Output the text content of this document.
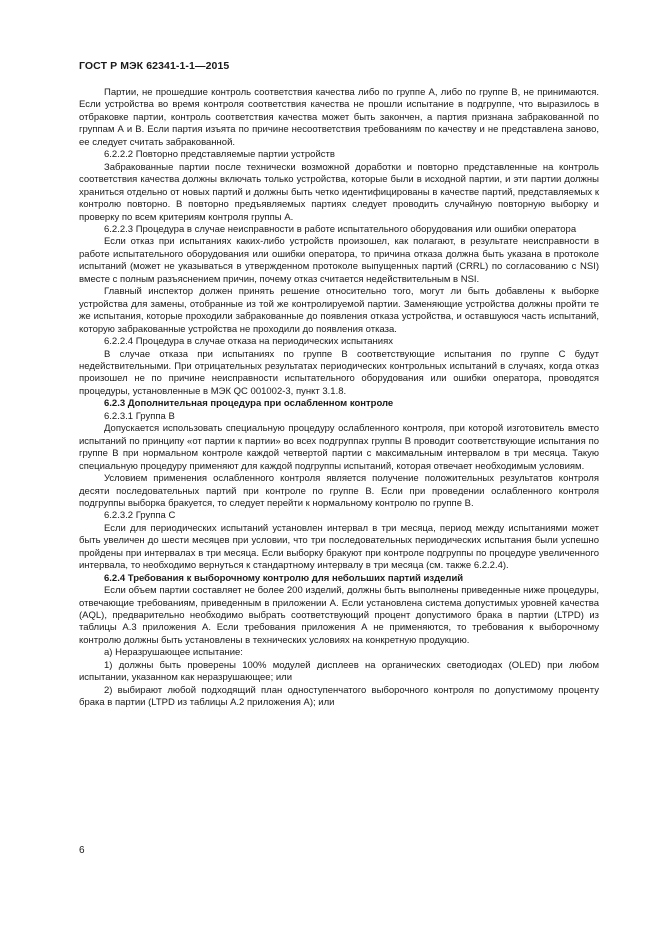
ГОСТ Р МЭК 62341-1-1—2015

Партии, не прошедшие контроль соответствия качества либо по группе А, либо по группе В, не принимаются. Если устройства во время контроля соответствия качества не прошли испытание в подгруппе, что выразилось в отбраковке партии, контроль соответствия качества может быть закончен, а партия признана забракованной по группам А и В. Если партия изъята по причине несоответствия требованиям по качеству и не представлена заново, ее следует считать забракованной.

6.2.2.2 Повторно представляемые партии устройств

Забракованные партии после технически возможной доработки и повторно представленные на контроль соответствия качества должны включать только устройства, которые были в исходной партии, и эти партии должны храниться отдельно от новых партий и должны быть четко идентифицированы в качестве партий, представляемых к контролю повторно. В повторно предъявляемых партиях следует проводить случайную повторную выборку и проверку по всем критериям контроля группы А.

6.2.2.3 Процедура в случае неисправности в работе испытательного оборудования или ошибки оператора

Если отказ при испытаниях каких-либо устройств произошел, как полагают, в результате неисправности в работе испытательного оборудования или ошибки оператора, то причина отказа должна быть указана в протоколе испытаний (может не указываться в утвержденном протоколе выпущенных партий (CRRL) по согласованию с NSI) вместе с полным разъяснением причин, почему отказ считается недействительным в NSI.

Главный инспектор должен принять решение относительно того, могут ли быть добавлены к выборке устройства для замены, отобранные из той же контролируемой партии. Заменяющие устройства должны пройти те же испытания, которые проходили забракованные до появления отказа устройства, и оставшуюся часть испытаний, которую забракованные устройства не проходили до появления отказа.

6.2.2.4 Процедура в случае отказа на периодических испытаниях

В случае отказа при испытаниях по группе В соответствующие испытания по группе С будут недействительными. При отрицательных результатах периодических контрольных испытаний в случаях, когда отказ произошел не по причине неисправности испытательного оборудования или ошибки оператора, проводятся процедуры, установленные в МЭК QC 001002-3, пункт 3.1.8.

6.2.3 Дополнительная процедура при ослабленном контроле

6.2.3.1 Группа В

Допускается использовать специальную процедуру ослабленного контроля, при которой изготовитель вместо испытаний по принципу «от партии к партии» во всех подгруппах группы В проводит соответствующие испытания по группе В при нормальном контроле каждой четвертой партии с максимальным интервалом в три месяца. Такую специальную процедуру применяют для каждой подгруппы испытаний, которая отвечает необходимым условиям.

Условием применения ослабленного контроля является получение положительных результатов контроля десяти последовательных партий при контроле по группе В. Если при проведении ослабленного контроля подгруппы выборка бракуется, то следует перейти к нормальному контролю по группе В.

6.2.3.2 Группа С

Если для периодических испытаний установлен интервал в три месяца, период между испытаниями может быть увеличен до шести месяцев при условии, что три последовательных периодических испытания были успешно пройдены при интервалах в три месяца. Если выборку бракуют при контроле подгруппы по процедуре увеличенного интервала, то необходимо вернуться к стандартному интервалу в три месяца (см. также 6.2.2.4).

6.2.4 Требования к выборочному контролю для небольших партий изделий

Если объем партии составляет не более 200 изделий, должны быть выполнены приведенные ниже процедуры, отвечающие требованиям, приведенным в приложении А. Если установлена система допустимых уровней качества (AQL), предварительно необходимо выбрать соответствующий процент допустимого брака в партии (LTPD) из таблицы А.3 приложения А. Если требования приложения А не применяются, то требования к выборочному контролю должны быть установлены в технических условиях на конкретную продукцию.

а) Неразрушающее испытание:

1) должны быть проверены 100% модулей дисплеев на органических светодиодах (OLED) при любом испытании, указанном как неразрушающее; или

2) выбирают любой подходящий план одноступенчатого выборочного контроля по допустимому проценту брака в партии (LTPD из таблицы А.2 приложения А); или

6
